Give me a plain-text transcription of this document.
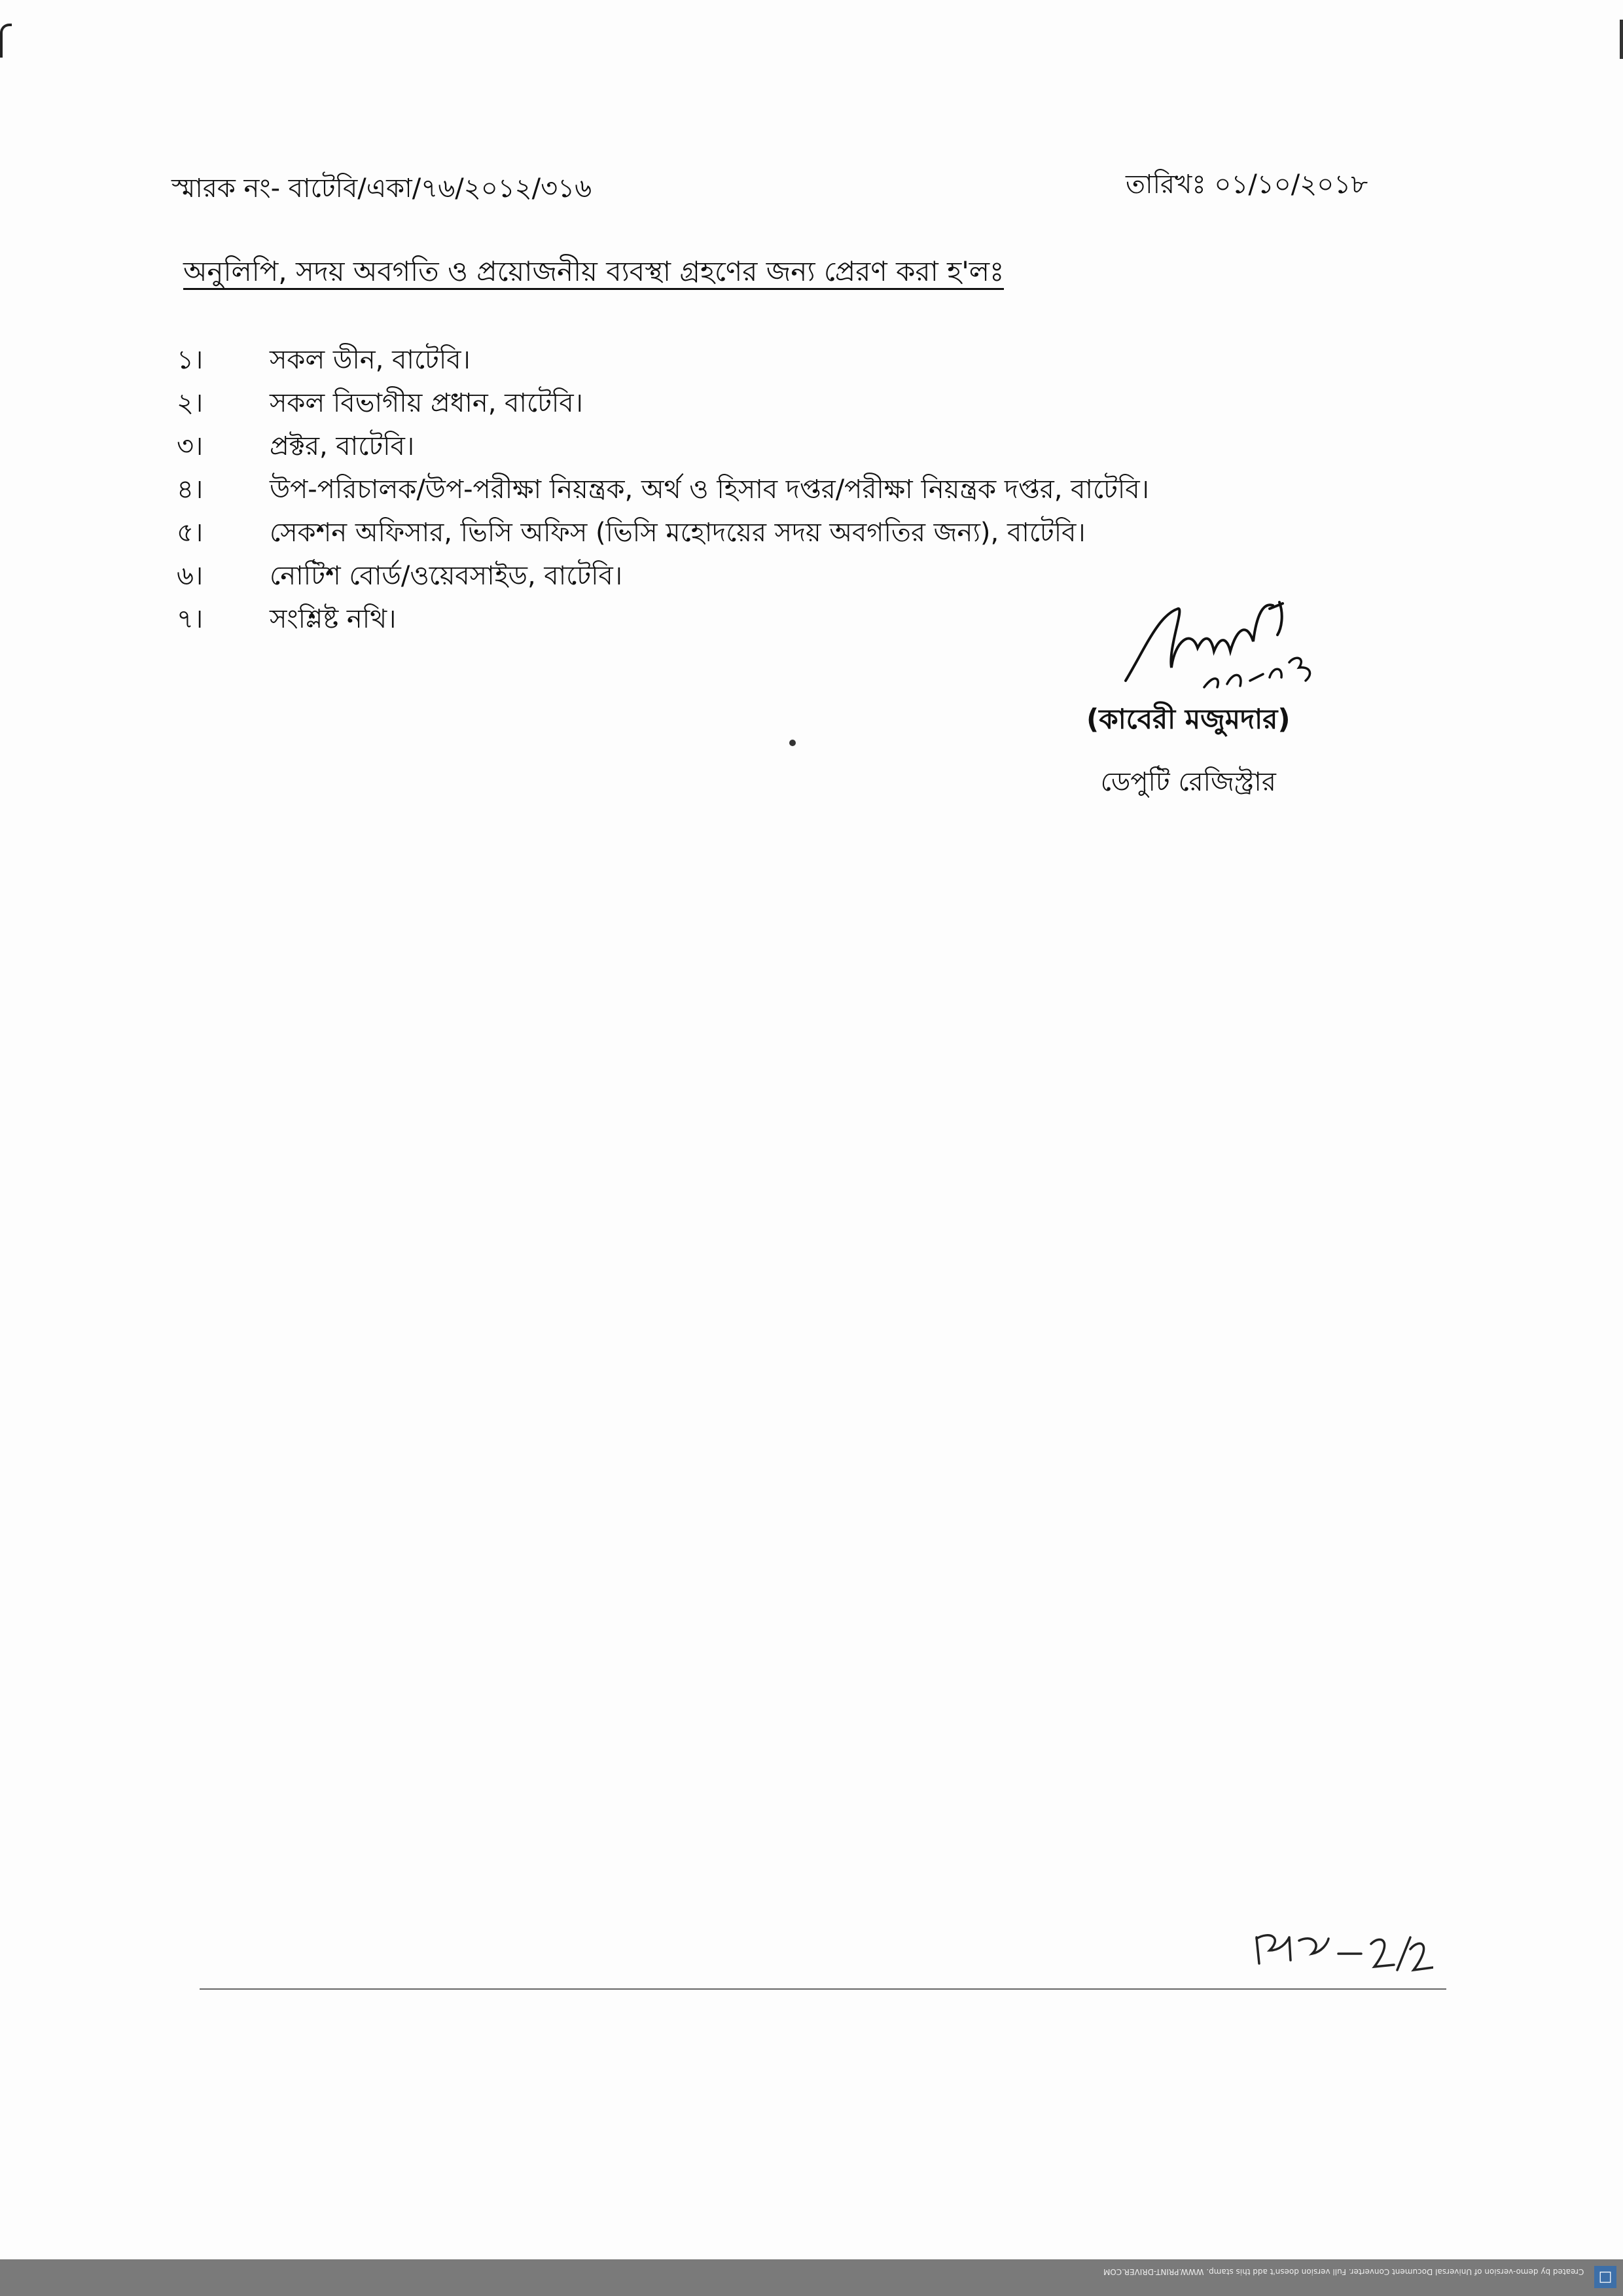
স্মারক নং- বাটেবি/একা/৭৬/২০১২/৩১৬	তারিখঃ ০১/১০/২০১৮
অনুলিপি, সদয় অবগতি ও প্রয়োজনীয় ব্যবস্থা গ্রহণের জন্য প্রেরণ করা হ'লঃ
১।	সকল ডীন, বাটেবি।
২।	সকল বিভাগীয় প্রধান, বাটেবি।
৩।	প্রক্টর, বাটেবি।
৪।	উপ-পরিচালক/উপ-পরীক্ষা নিয়ন্ত্রক, অর্থ ও হিসাব দপ্তর/পরীক্ষা নিয়ন্ত্রক দপ্তর, বাটেবি।
৫।	সেকশন অফিসার, ভিসি অফিস (ভিসি মহোদয়ের সদয় অবগতির জন্য), বাটেবি।
৬।	নোটিশ বোর্ড/ওয়েবসাইড, বাটেবি।
৭।	সংশ্লিষ্ট নথি।
(কাবেরী মজুমদার)
ডেপুটি রেজিস্ট্রার
Created by demo-version of Universal Document Converter. Full version doesn't add this stamp. WWW.PRINT-DRIVER.COM □
